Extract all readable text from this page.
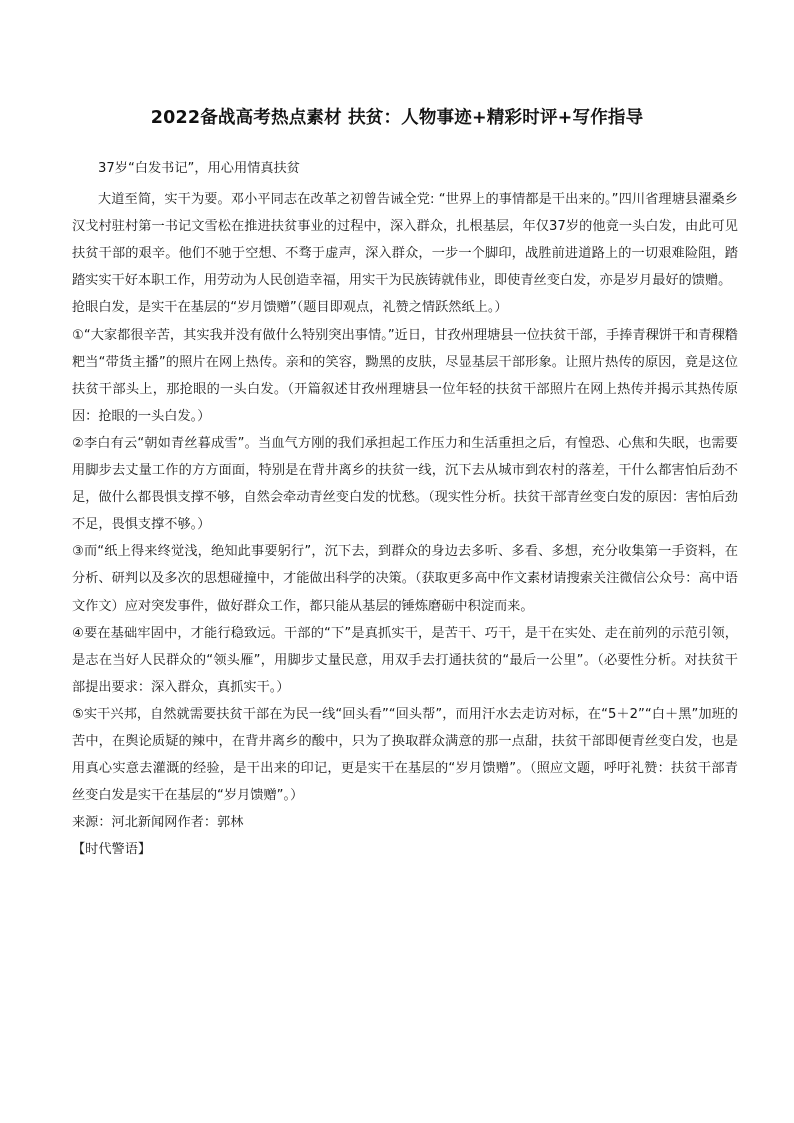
2022备战高考热点素材 扶贫：人物事迹+精彩时评+写作指导

37岁“白发书记”，用心用情真扶贫

大道至简，实干为要。邓小平同志在改革之初曾告诫全党: “世界上的事情都是干出来的。”四川省理塘县濯桑乡汉戈村驻村第一书记文雪松在推进扶贫事业的过程中，深入群众，扎根基层，年仅37岁的他竟一头白发，由此可见扶贫干部的艰辛。他们不驰于空想、不骛于虚声，深入群众，一步一个脚印，战胜前进道路上的一切艰难险阻，踏踏实实干好本职工作，用劳动为人民创造幸福，用实干为民族铸就伟业，即使青丝变白发，亦是岁月最好的馈赠。

抢眼白发，是实干在基层的“岁月馈赠”（题目即观点，礼赞之情跃然纸上。）

①“大家都很辛苦，其实我并没有做什么特别突出事情。”近日，甘孜州理塘县一位扶贫干部，手捧青稞饼干和青稞糌粑当“带货主播”的照片在网上热传。亲和的笑容，黝黑的皮肤，尽显基层干部形象。让照片热传的原因，竟是这位扶贫干部头上，那抢眼的一头白发。（开篇叙述甘孜州理塘县一位年轻的扶贫干部照片在网上热传并揭示其热传原因：抢眼的一头白发。）

②李白有云“朝如青丝暮成雪”。当血气方刚的我们承担起工作压力和生活重担之后，有惶恐、心焦和失眠，也需要用脚步去丈量工作的方方面面，特别是在背井离乡的扶贫一线，沉下去从城市到农村的落差，干什么都害怕后劲不足，做什么都畏惧支撑不够，自然会牵动青丝变白发的忧愁。（现实性分析。扶贫干部青丝变白发的原因：害怕后劲不足，畏惧支撑不够。）

③而“纸上得来终觉浅，绝知此事要躬行”，沉下去，到群众的身边去多听、多看、多想，充分收集第一手资料，在分析、研判以及多次的思想碰撞中，才能做出科学的决策。（获取更多高中作文素材请搜索关注微信公众号：高中语文作文）应对突发事件，做好群众工作，都只能从基层的锤炼磨砺中积淀而来。

④要在基础牢固中，才能行稳致远。干部的“下”是真抓实干，是苦干、巧干，是干在实处、走在前列的示范引领，是志在当好人民群众的“领头雁”，用脚步丈量民意，用双手去打通扶贫的“最后一公里”。（必要性分析。对扶贫干部提出要求：深入群众，真抓实干。）

⑤实干兴邦，自然就需要扶贫干部在为民一线“回头看”“回头帮”，而用汗水去走访对标，在“5＋2”“白＋黑”加班的苦中，在舆论质疑的辣中，在背井离乡的酸中，只为了换取群众满意的那一点甜，扶贫干部即便青丝变白发，也是用真心实意去灌溉的经验，是干出来的印记，更是实干在基层的“岁月馈赠”。（照应文题，呼吁礼赞：扶贫干部青丝变白发是实干在基层的“岁月馈赠”。）

来源：河北新闻网作者：郭林

【时代警语】
